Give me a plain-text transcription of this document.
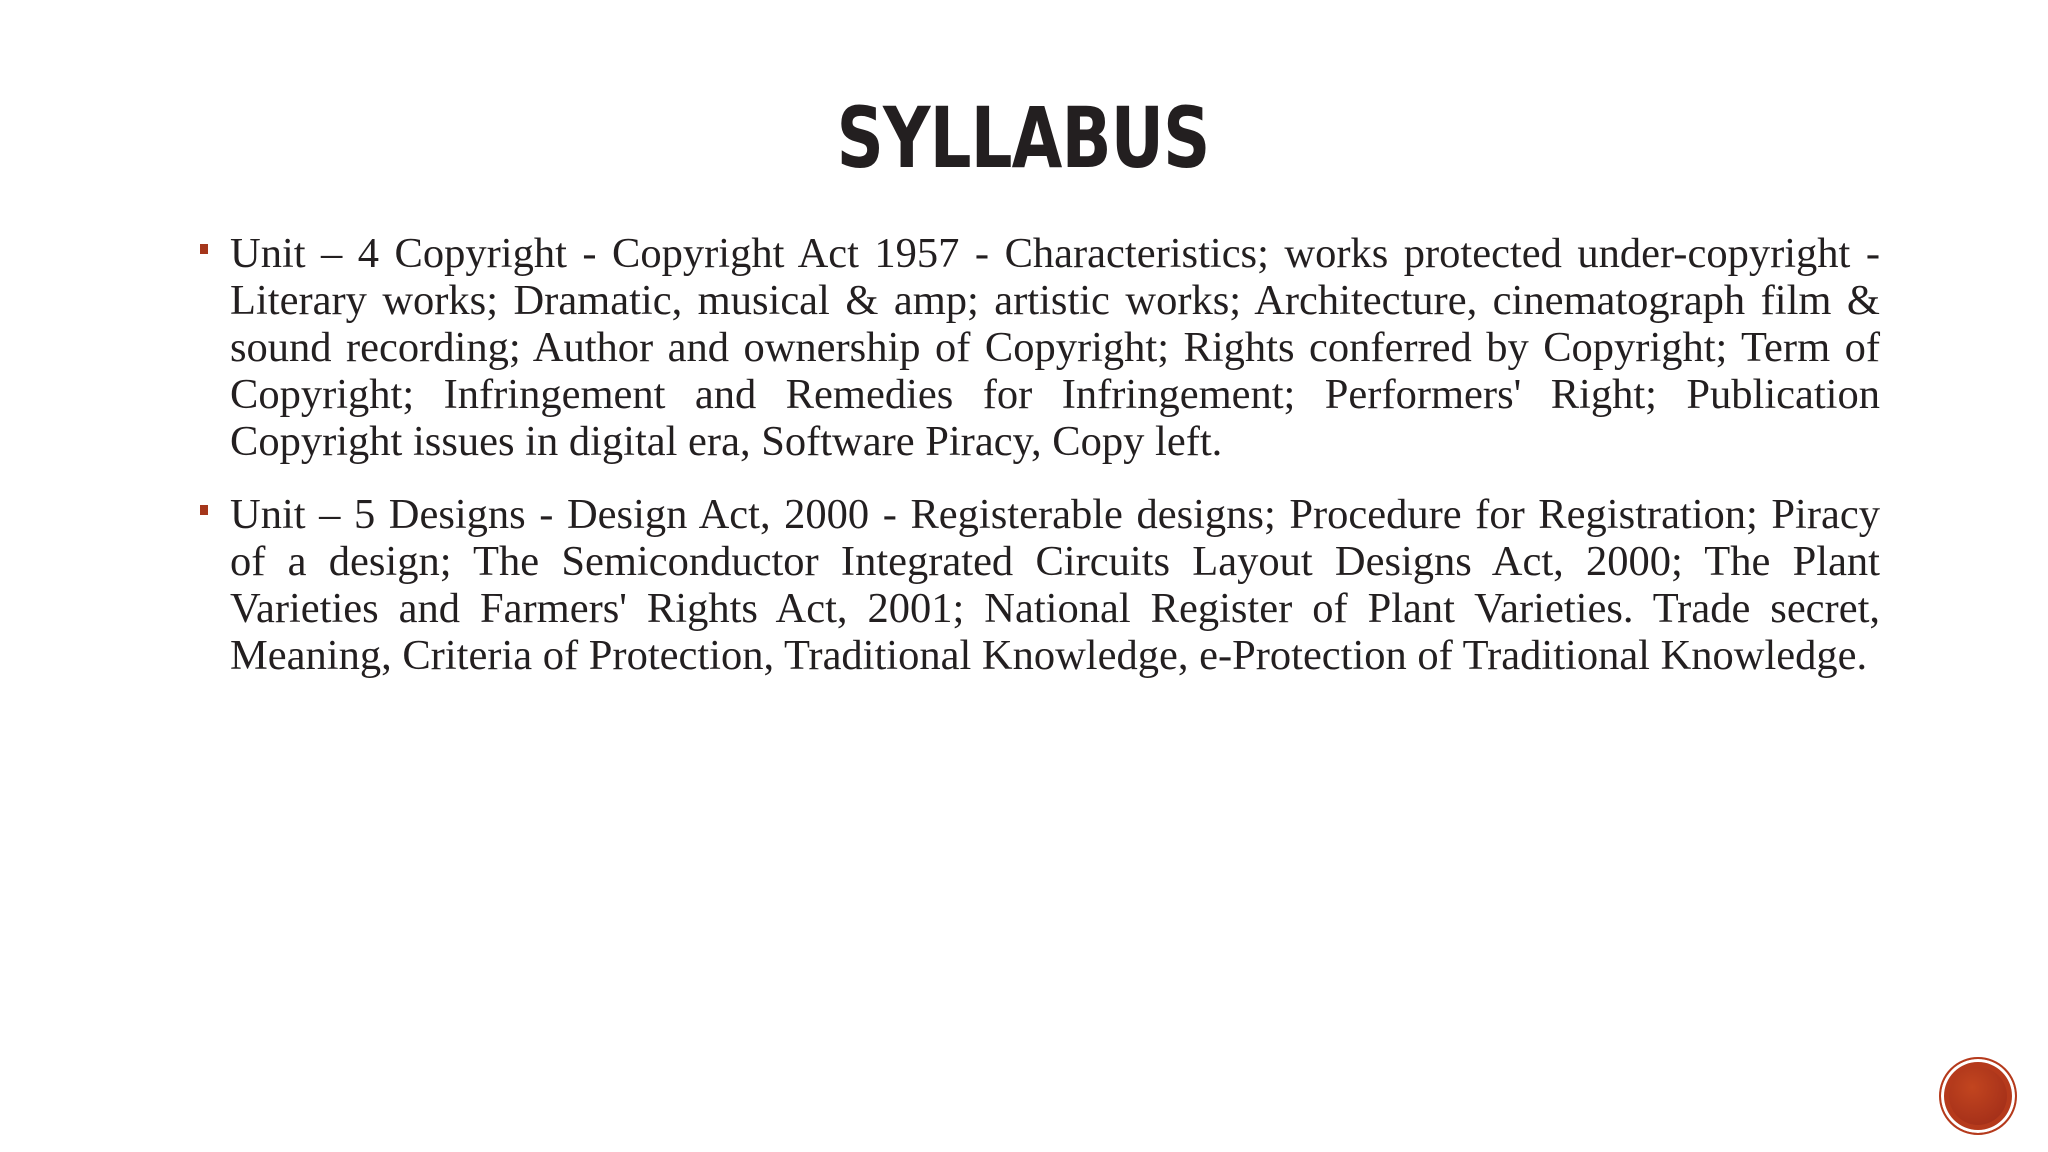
SYLLABUS
Unit – 4 Copyright - Copyright Act 1957 - Characteristics; works protected under-copyright - Literary works; Dramatic, musical & amp; artistic works; Architecture, cinematograph film & sound recording; Author and ownership of Copyright; Rights conferred by Copyright; Term of Copyright; Infringement and Remedies for Infringement; Performers' Right; Publication Copyright issues in digital era, Software Piracy, Copy left.
Unit – 5 Designs - Design Act, 2000 - Registerable designs; Procedure for Registration; Piracy of a design; The Semiconductor Integrated Circuits Layout Designs Act, 2000; The Plant Varieties and Farmers' Rights Act, 2001; National Register of Plant Varieties. Trade secret, Meaning, Criteria of Protection, Traditional Knowledge, e-Protection of Traditional Knowledge.
